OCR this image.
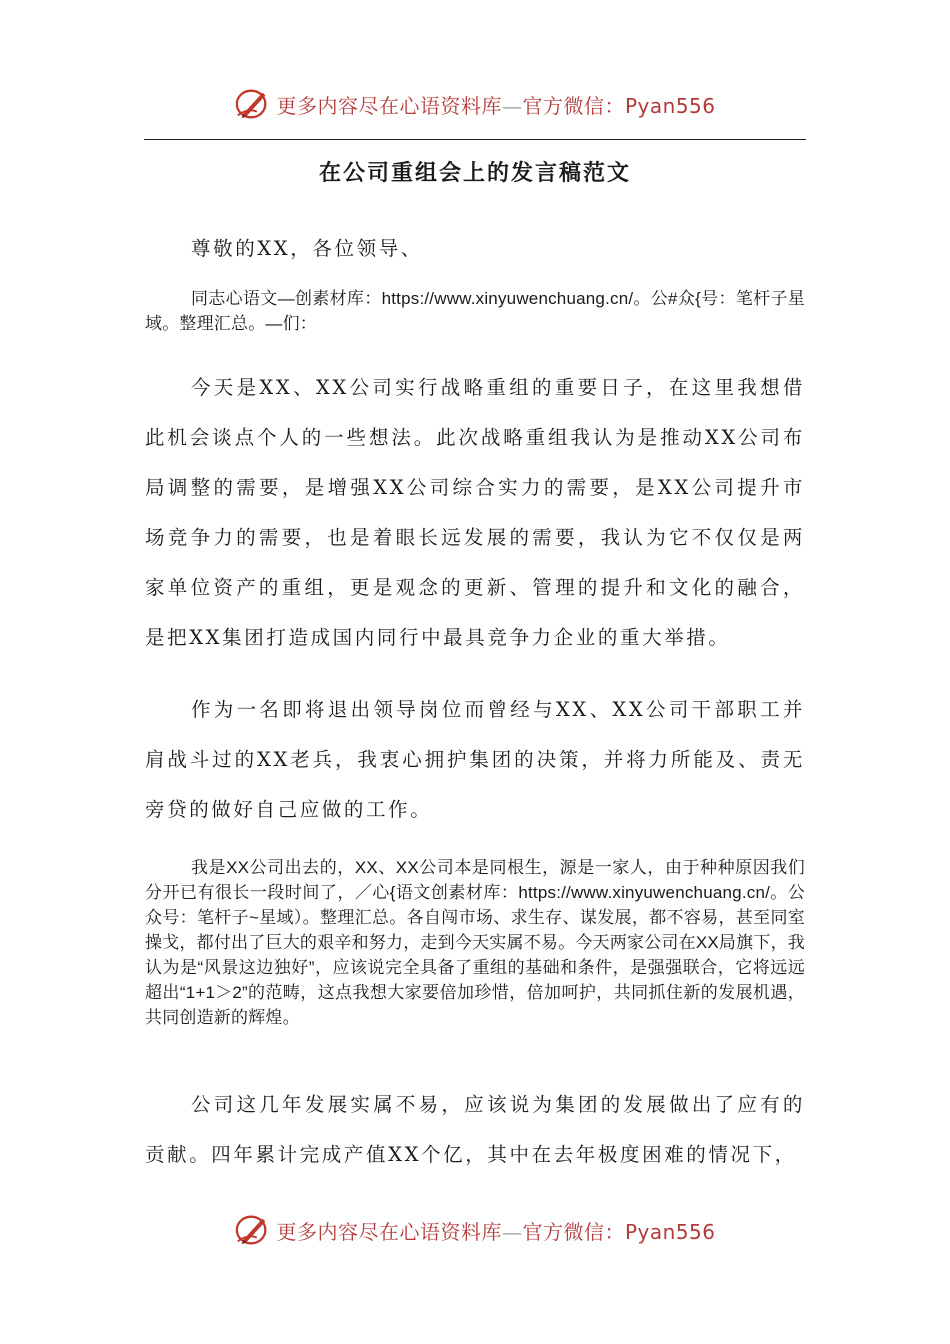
更多内容尽在心语资料库—官方微信：Pyan556
在公司重组会上的发言稿范文

尊敬的XX，各位领导、

同志心语文—创素材库：https://www.xinyuwenchuang.cn/。公#众{号：笔杆子星域。整理汇总。—们：

今天是XX、XX公司实行战略重组的重要日子，在这里我想借此机会谈点个人的一些想法。此次战略重组我认为是推动XX公司布局调整的需要，是增强XX公司综合实力的需要，是XX公司提升市场竞争力的需要，也是着眼长远发展的需要，我认为它不仅仅是两家单位资产的重组，更是观念的更新、管理的提升和文化的融合，是把XX集团打造成国内同行中最具竞争力企业的重大举措。

作为一名即将退出领导岗位而曾经与XX、XX公司干部职工并肩战斗过的XX老兵，我衷心拥护集团的决策，并将力所能及、责无旁贷的做好自己应做的工作。

我是XX公司出去的，XX、XX公司本是同根生，源是一家人，由于种种原因我们分开已有很长一段时间了，／心{语文创素材库：https://www.xinyuwenchuang.cn/。公众号：笔杆子~星域）。整理汇总。各自闯市场、求生存、谋发展，都不容易，甚至同室操戈，都付出了巨大的艰辛和努力，走到今天实属不易。今天两家公司在XX局旗下，我认为是“风景这边独好”，应该说完全具备了重组的基础和条件，是强强联合，它将远远超出“1+1＞2”的范畴，这点我想大家要倍加珍惜，倍加呵护，共同抓住新的发展机遇，共同创造新的辉煌。

公司这几年发展实属不易，应该说为集团的发展做出了应有的贡献。四年累计完成产值XX个亿，其中在去年极度困难的情况下，

更多内容尽在心语资料库—官方微信：Pyan556
